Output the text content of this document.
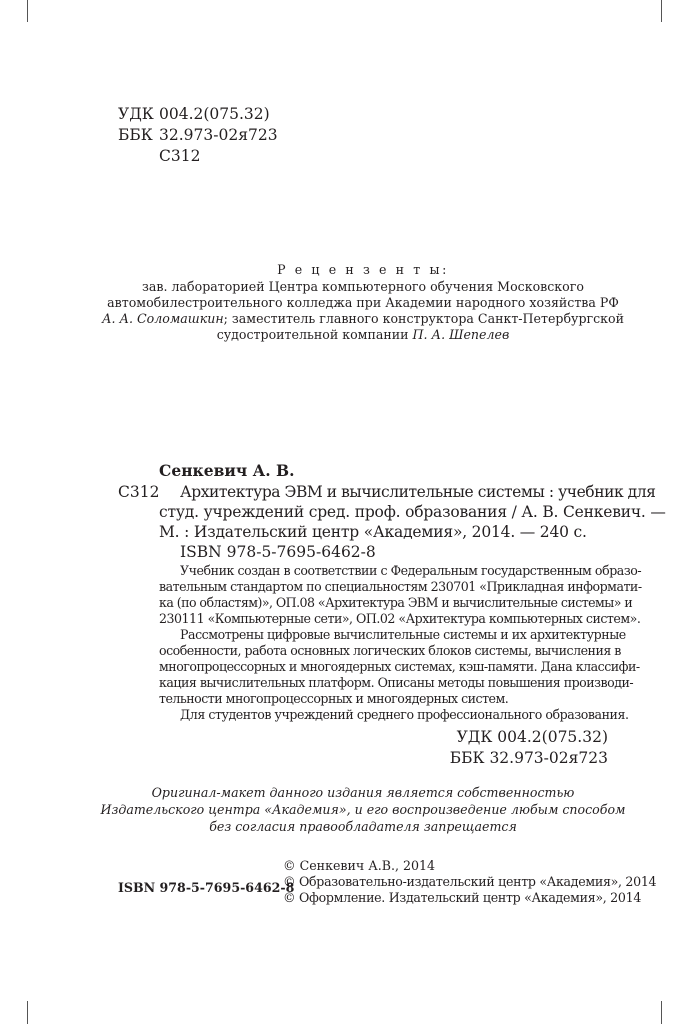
УДК 004.2(075.32)
ББК 32.973-02я723
С312
Р е ц е н з е н т ы:
зав. лабораторией Центра компьютерного обучения Московского
автомобилестроительного колледжа при Академии народного хозяйства РФ
А. А. Соломашкин; заместитель главного конструктора Санкт-Петербургской
судостроительной компании П. А. Шепелев
Сенкевич А. В.
С312 Архитектура ЭВМ и вычислительные системы : учебник для
студ. учреждений сред. проф. образования / А. В. Сенкевич. —
М. : Издательский центр «Академия», 2014. — 240 с.
ISBN 978-5-7695-6462-8
Учебник создан в соответствии с Федеральным государственным образо-
вательным стандартом по специальностям 230701 «Прикладная информати-
ка (по областям)», ОП.08 «Архитектура ЭВМ и вычислительные системы» и
230111 «Компьютерные сети», ОП.02 «Архитектура компьютерных систем».
Рассмотрены цифровые вычислительные системы и их архитектурные
особенности, работа основных логических блоков системы, вычисления в
многопроцессорных и многоядерных системах, кэш-памяти. Дана классифи-
кация вычислительных платформ. Описаны методы повышения производи-
тельности многопроцессорных и многоядерных систем.
Для студентов учреждений среднего профессионального образования.
УДК 004.2(075.32)
ББК 32.973-02я723
Оригинал-макет данного издания является собственностью
Издательского центра «Академия», и его воспроизведение любым способом
без согласия правообладателя запрещается
ISBN 978-5-7695-6462-8
© Сенкевич А.В., 2014
© Образовательно-издательский центр «Академия», 2014
© Оформление. Издательский центр «Академия», 2014
